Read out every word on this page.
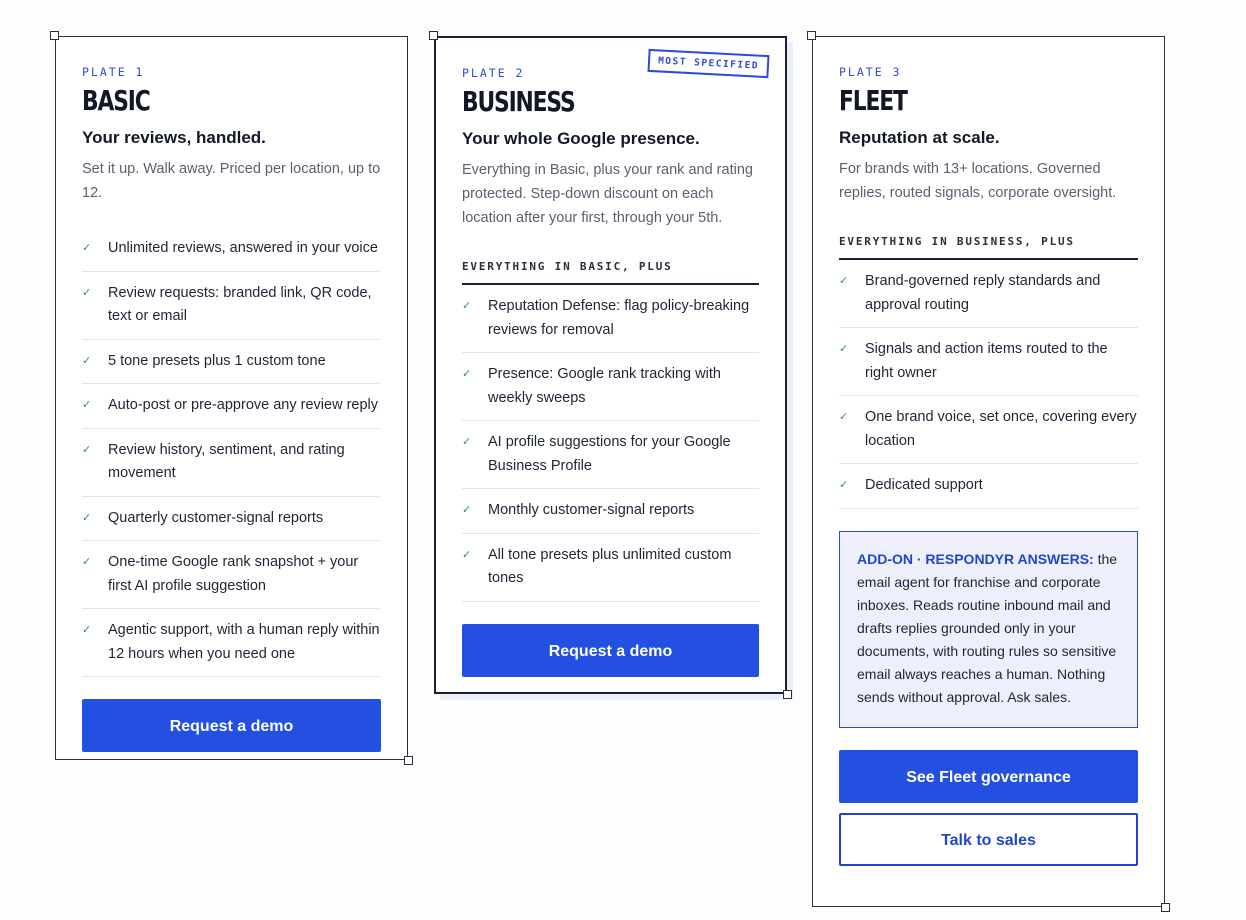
PLATE 1
BASIC
Your reviews, handled.
Set it up. Walk away. Priced per location, up to 12.
✓ Unlimited reviews, answered in your voice
✓ Review requests: branded link, QR code, text or email
✓ 5 tone presets plus 1 custom tone
✓ Auto-post or pre-approve any review reply
✓ Review history, sentiment, and rating movement
✓ Quarterly customer-signal reports
✓ One-time Google rank snapshot + your first AI profile suggestion
✓ Agentic support, with a human reply within 12 hours when you need one
Request a demo
MOST SPECIFIED
PLATE 2
BUSINESS
Your whole Google presence.
Everything in Basic, plus your rank and rating protected. Step-down discount on each location after your first, through your 5th.
EVERYTHING IN BASIC, PLUS
✓ Reputation Defense: flag policy-breaking reviews for removal
✓ Presence: Google rank tracking with weekly sweeps
✓ AI profile suggestions for your Google Business Profile
✓ Monthly customer-signal reports
✓ All tone presets plus unlimited custom tones
Request a demo
PLATE 3
FLEET
Reputation at scale.
For brands with 13+ locations. Governed replies, routed signals, corporate oversight.
EVERYTHING IN BUSINESS, PLUS
✓ Brand-governed reply standards and approval routing
✓ Signals and action items routed to the right owner
✓ One brand voice, set once, covering every location
✓ Dedicated support
ADD-ON · RESPONDYR ANSWERS: the email agent for franchise and corporate inboxes. Reads routine inbound mail and drafts replies grounded only in your documents, with routing rules so sensitive email always reaches a human. Nothing sends without approval. Ask sales.
See Fleet governance
Talk to sales
